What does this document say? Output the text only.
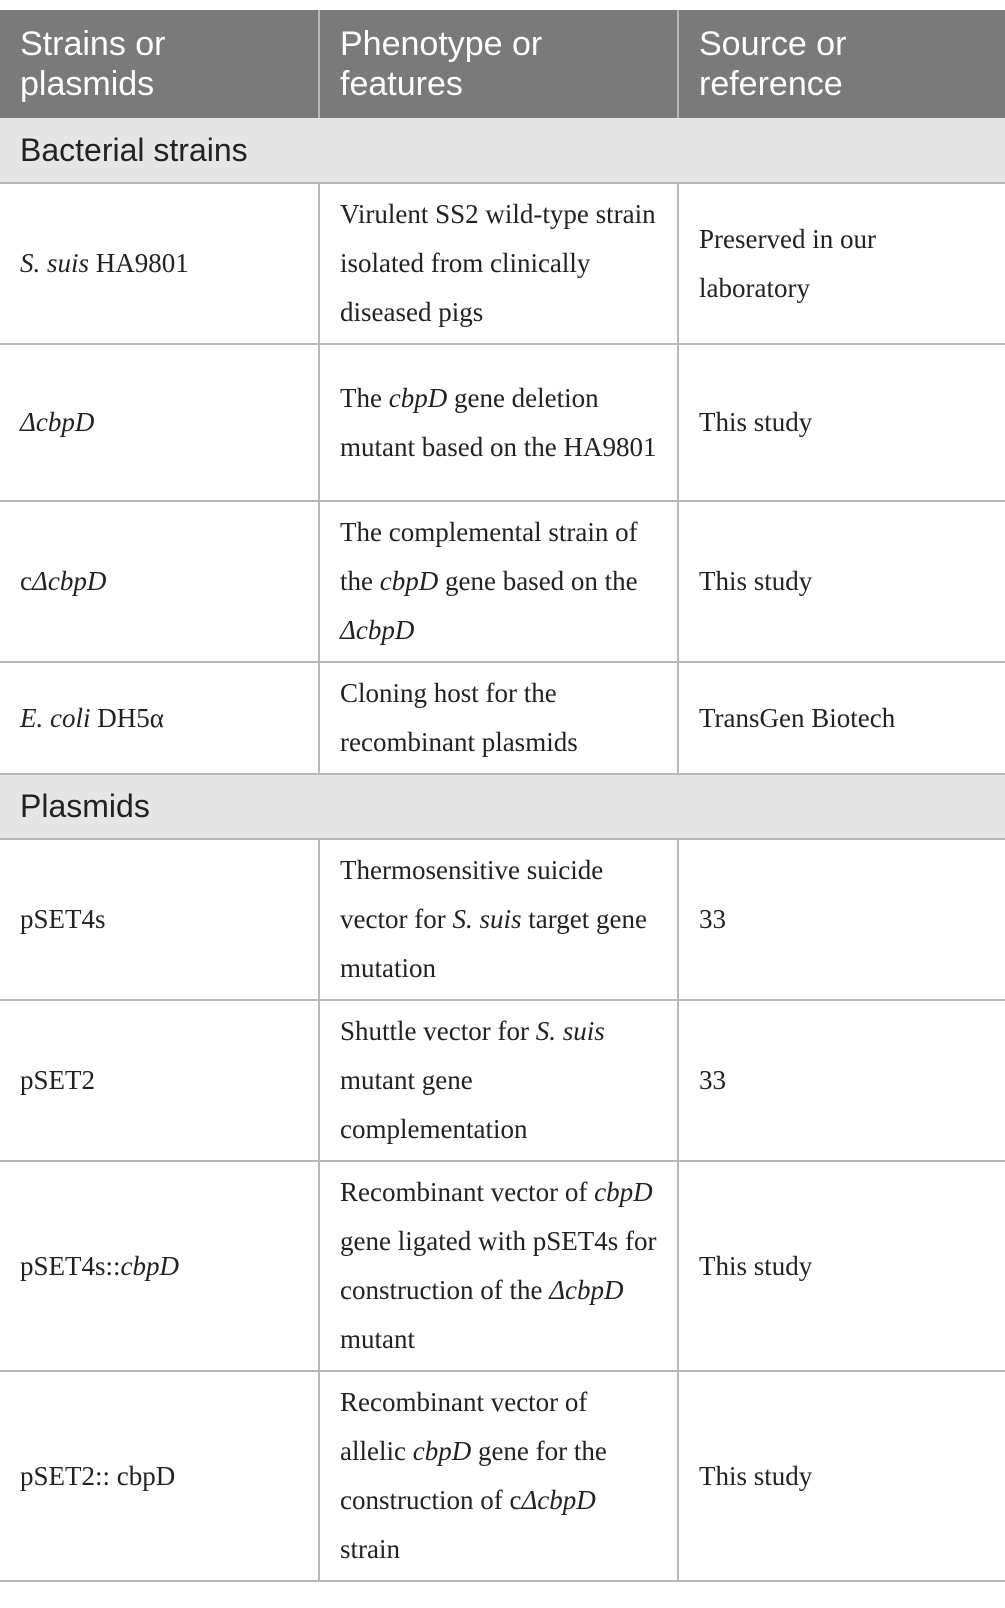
Strains or plasmids	Phenotype or features	Source or reference
Bacterial strains		
S. suis HA9801	Virulent SS2 wild-type strain isolated from clinically diseased pigs	Preserved in our laboratory
ΔcbpD	The cbpD gene deletion mutant based on the HA9801	This study
cΔcbpD	The complemental strain of the cbpD gene based on the ΔcbpD	This study
E. coli DH5α	Cloning host for the recombinant plasmids	TransGen Biotech
Plasmids		
pSET4s	Thermosensitive suicide vector for S. suis target gene mutation	33
pSET2	Shuttle vector for S. suis mutant gene complementation	33
pSET4s::cbpD	Recombinant vector of cbpD gene ligated with pSET4s for construction of the ΔcbpD mutant	This study
pSET2:: cbpD	Recombinant vector of allelic cbpD gene for the construction of cΔcbpD strain	This study
